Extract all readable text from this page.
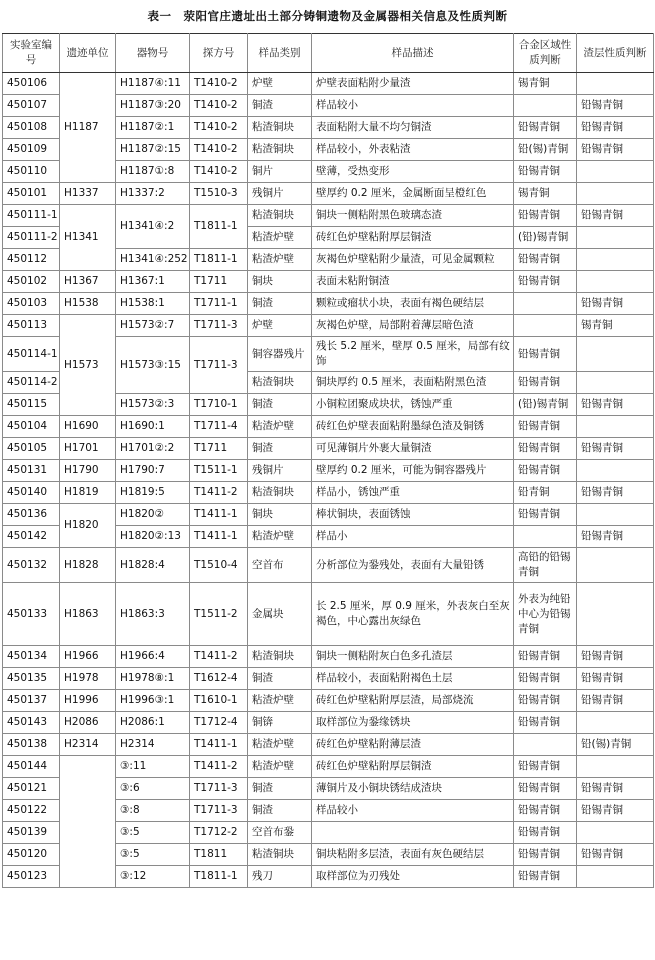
表一　荥阳官庄遗址出土部分铸铜遗物及金属器相关信息及性质判断
实验室编号	遗迹单位	器物号	探方号	样品类别	样品描述	合金区域性质判断	渣层性质判断
450106	H1187	H1187④:11	T1410-2	炉壁	炉壁表面粘附少量渣	锡青铜	
450107		H1187③:20	T1410-2	铜渣	样品较小		铅锡青铜
450108		H1187②:1	T1410-2	粘渣铜块	表面粘附大量不均匀铜渣	铅锡青铜	铅锡青铜
450109		H1187②:15	T1410-2	粘渣铜块	样品较小，外表粘渣	铅(锡)青铜	铅锡青铜
450110		H1187①:8	T1410-2	铜片	壁薄，受热变形	铅锡青铜	
450101	H1337	H1337:2	T1510-3	残铜片	壁厚约 0.2 厘米，金属断面呈橙红色	锡青铜	
450111-1	H1341	H1341④:2	T1811-1	粘渣铜块	铜块一侧粘附黑色玻璃态渣	铅锡青铜	铅锡青铜
450111-2				粘渣炉壁	砖红色炉壁粘附厚层铜渣	(铅)锡青铜	
450112		H1341④:252	T1811-1	粘渣炉壁	灰褐色炉壁粘附少量渣，可见金属颗粒	铅锡青铜	
450102	H1367	H1367:1	T1711	铜块	表面未粘附铜渣	铅锡青铜	
450103	H1538	H1538:1	T1711-1	铜渣	颗粒或瘤状小块，表面有褐色硬结层		铅锡青铜
450113	H1573	H1573②:7	T1711-3	炉壁	灰褐色炉壁，局部附着薄层暗色渣		锡青铜
450114-1		H1573③:15	T1711-3	铜容器残片	残长 5.2 厘米，壁厚 0.5 厘米，局部有纹饰	铅锡青铜	
450114-2				粘渣铜块	铜块厚约 0.5 厘米，表面粘附黑色渣	铅锡青铜	
450115		H1573②:3	T1710-1	铜渣	小铜粒团聚成块状，锈蚀严重	(铅)锡青铜	铅锡青铜
450104	H1690	H1690:1	T1711-4	粘渣炉壁	砖红色炉壁表面粘附墨绿色渣及铜锈	铅锡青铜	
450105	H1701	H1701②:2	T1711	铜渣	可见薄铜片外裹大量铜渣	铅锡青铜	铅锡青铜
450131	H1790	H1790:7	T1511-1	残铜片	壁厚约 0.2 厘米，可能为铜容器残片	铅锡青铜	
450140	H1819	H1819:5	T1411-2	粘渣铜块	样品小，锈蚀严重	铅青铜	铅锡青铜
450136	H1820	H1820②	T1411-1	铜块	棒状铜块，表面锈蚀	铅锡青铜	
450142		H1820②:13	T1411-1	粘渣炉壁	样品小		铅锡青铜
450132	H1828	H1828:4	T1510-4	空首布	分析部位为銎残处，表面有大量铅锈	高铅的铅锡青铜	
450133	H1863	H1863:3	T1511-2	金属块	长 2.5 厘米，厚 0.9 厘米，外表灰白至灰褐色，中心露出灰绿色	外表为纯铅中心为铅锡青铜	
450134	H1966	H1966:4	T1411-2	粘渣铜块	铜块一侧粘附灰白色多孔渣层	铅锡青铜	铅锡青铜
450135	H1978	H1978⑧:1	T1612-4	铜渣	样品较小，表面粘附褐色土层	铅锡青铜	铅锡青铜
450137	H1996	H1996③:1	T1610-1	粘渣炉壁	砖红色炉壁粘附厚层渣，局部烧流	铅锡青铜	铅锡青铜
450143	H2086	H2086:1	T1712-4	铜锛	取样部位为銎缘锈块	铅锡青铜	
450138	H2314	H2314	T1411-1	粘渣炉壁	砖红色炉壁粘附薄层渣		铅(锡)青铜
450144		③:11	T1411-2	粘渣炉壁	砖红色炉壁粘附厚层铜渣	铅锡青铜	
450121		③:6	T1711-3	铜渣	薄铜片及小铜块锈结成渣块	铅锡青铜	铅锡青铜
450122		③:8	T1711-3	铜渣	样品较小	铅锡青铜	铅锡青铜
450139		③:5	T1712-2	空首布銎		铅锡青铜	
450120		③:5	T1811	粘渣铜块	铜块粘附多层渣，表面有灰色硬结层	铅锡青铜	铅锡青铜
450123		③:12	T1811-1	残刀	取样部位为刃残处	铅锡青铜	
